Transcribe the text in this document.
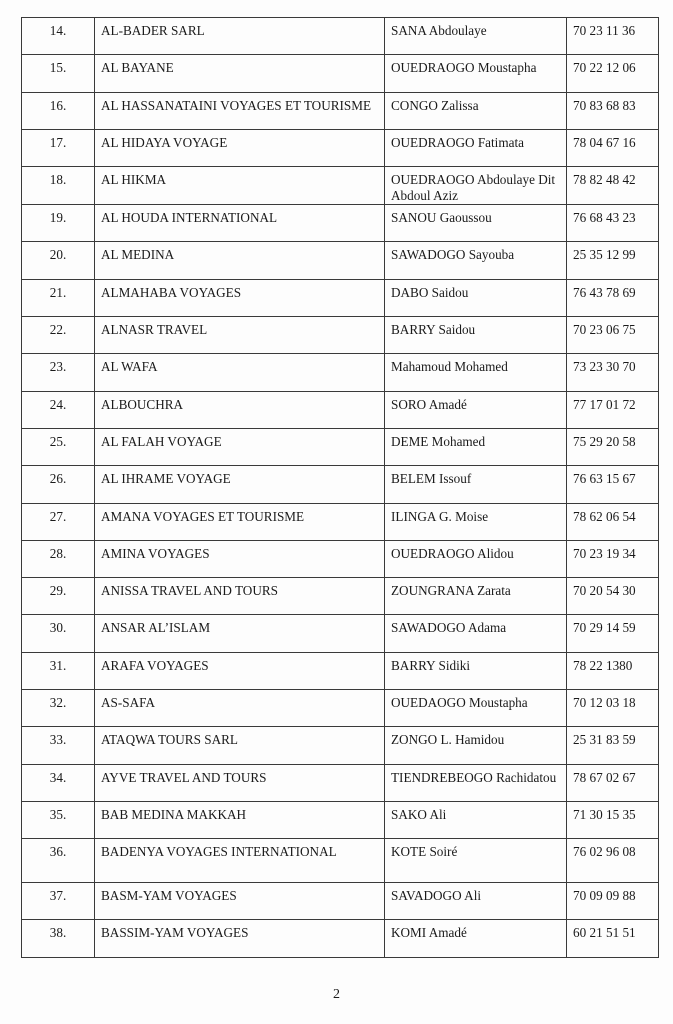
14.	AL-BADER SARL	SANA Abdoulaye	70 23 11 36
15.	AL BAYANE	OUEDRAOGO Moustapha	70 22 12 06
16.	AL HASSANATAINI VOYAGES ET TOURISME	CONGO Zalissa	70 83 68 83
17.	AL HIDAYA VOYAGE	OUEDRAOGO Fatimata	78 04 67 16
18.	AL HIKMA	OUEDRAOGO Abdoulaye Dit Abdoul Aziz	78 82 48 42
19.	AL HOUDA INTERNATIONAL	SANOU Gaoussou	76 68 43 23
20.	AL MEDINA	SAWADOGO Sayouba	25 35 12 99
21.	ALMAHABA VOYAGES	DABO Saidou	76 43 78 69
22.	ALNASR TRAVEL	BARRY Saidou	70 23 06 75
23.	AL WAFA	Mahamoud Mohamed	73 23 30 70
24.	ALBOUCHRA	SORO Amadé	77 17 01 72
25.	AL FALAH VOYAGE	DEME Mohamed	75 29 20 58
26.	AL IHRAME VOYAGE	BELEM Issouf	76 63 15 67
27.	AMANA VOYAGES ET TOURISME	ILINGA G. Moise	78 62 06 54
28.	AMINA VOYAGES	OUEDRAOGO Alidou	70 23 19 34
29.	ANISSA TRAVEL AND TOURS	ZOUNGRANA Zarata	70 20 54 30
30.	ANSAR AL’ISLAM	SAWADOGO Adama	70 29 14 59
31.	ARAFA VOYAGES	BARRY Sidiki	78 22 1380
32.	AS-SAFA	OUEDAOGO Moustapha	70 12 03 18
33.	ATAQWA TOURS SARL	ZONGO L. Hamidou	25 31 83 59
34.	AYVE TRAVEL AND TOURS	TIENDREBEOGO Rachidatou	78 67 02 67
35.	BAB MEDINA MAKKAH	SAKO Ali	71 30 15 35
36.	BADENYA VOYAGES INTERNATIONAL	KOTE Soiré	76 02 96 08
37.	BASM-YAM VOYAGES	SAVADOGO Ali	70 09 09 88
38.	BASSIM-YAM VOYAGES	KOMI Amadé	60 21 51 51
2
